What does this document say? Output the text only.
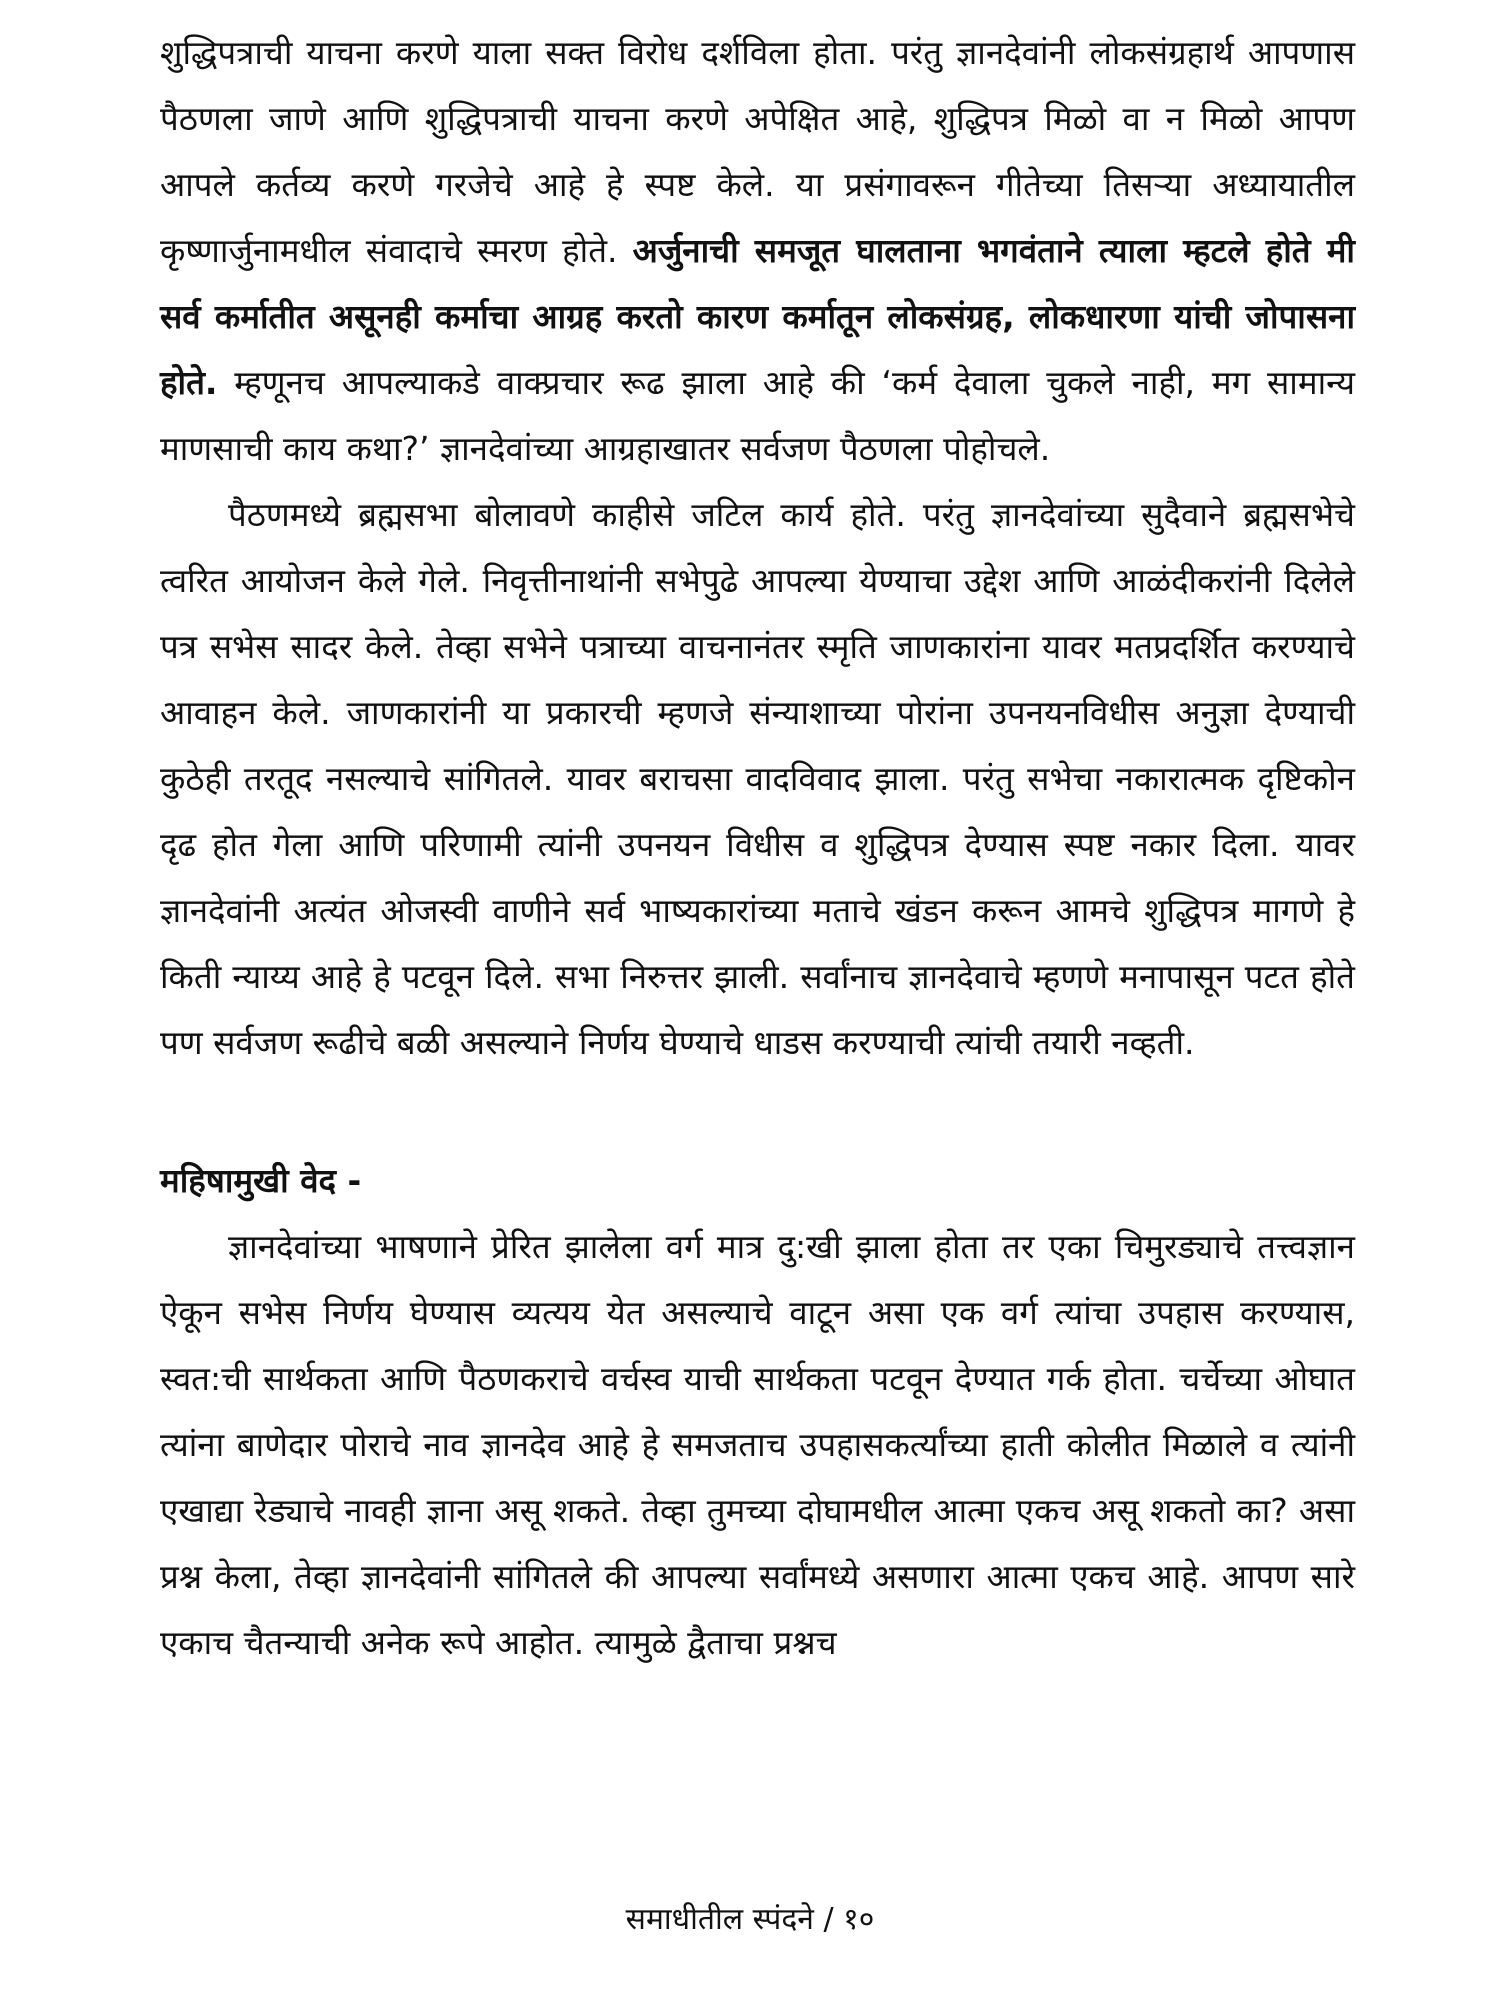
शुद्धिपत्राची याचना करणे याला सक्त विरोध दर्शविला होता. परंतु ज्ञानदेवांनी लोकसंग्रहार्थ आपणास पैठणला जाणे आणि शुद्धिपत्राची याचना करणे अपेक्षित आहे, शुद्धिपत्र मिळो वा न मिळो आपण आपले कर्तव्य करणे गरजेचे आहे हे स्पष्ट केले. या प्रसंगावरून गीतेच्या तिसऱ्या अध्यायातील कृष्णार्जुनामधील संवादाचे स्मरण होते. अर्जुनाची समजूत घालताना भगवंताने त्याला म्हटले होते मी सर्व कर्मातीत असूनही कर्माचा आग्रह करतो कारण कर्मातून लोकसंग्रह, लोकधारणा यांची जोपासना होते. म्हणूनच आपल्याकडे वाक्प्रचार रूढ झाला आहे की ‘कर्म देवाला चुकले नाही, मग सामान्य माणसाची काय कथा?’ ज्ञानदेवांच्या आग्रहाखातर सर्वजण पैठणला पोहोचले.

पैठणमध्ये ब्रह्मसभा बोलावणे काहीसे जटिल कार्य होते. परंतु ज्ञानदेवांच्या सुदैवाने ब्रह्मसभेचे त्वरित आयोजन केले गेले. निवृत्तीनाथांनी सभेपुढे आपल्या येण्याचा उद्देश आणि आळंदीकरांनी दिलेले पत्र सभेस सादर केले. तेव्हा सभेने पत्राच्या वाचनानंतर स्मृति जाणकारांना यावर मतप्रदर्शित करण्याचे आवाहन केले. जाणकारांनी या प्रकारची म्हणजे संन्याशाच्या पोरांना उपनयनविधीस अनुज्ञा देण्याची कुठेही तरतूद नसल्याचे सांगितले. यावर बराचसा वादविवाद झाला. परंतु सभेचा नकारात्मक दृष्टिकोन दृढ होत गेला आणि परिणामी त्यांनी उपनयन विधीस व शुद्धिपत्र देण्यास स्पष्ट नकार दिला. यावर ज्ञानदेवांनी अत्यंत ओजस्वी वाणीने सर्व भाष्यकारांच्या मताचे खंडन करून आमचे शुद्धिपत्र मागणे हे किती न्याय्य आहे हे पटवून दिले. सभा निरुत्तर झाली. सर्वांनाच ज्ञानदेवाचे म्हणणे मनापासून पटत होते पण सर्वजण रूढीचे बळी असल्याने निर्णय घेण्याचे धाडस करण्याची त्यांची तयारी नव्हती.

महिषामुखी वेद -

ज्ञानदेवांच्या भाषणाने प्रेरित झालेला वर्ग मात्र दु:खी झाला होता तर एका चिमुरड्याचे तत्त्वज्ञान ऐकून सभेस निर्णय घेण्यास व्यत्यय येत असल्याचे वाटून असा एक वर्ग त्यांचा उपहास करण्यास, स्वत:ची सार्थकता आणि पैठणकराचे वर्चस्व याची सार्थकता पटवून देण्यात गर्क होता. चर्चेच्या ओघात त्यांना बाणेदार पोराचे नाव ज्ञानदेव आहे हे समजताच उपहासकर्त्यांच्या हाती कोलीत मिळाले व त्यांनी एखाद्या रेड्याचे नावही ज्ञाना असू शकते. तेव्हा तुमच्या दोघामधील आत्मा एकच असू शकतो का? असा प्रश्न केला, तेव्हा ज्ञानदेवांनी सांगितले की आपल्या सर्वांमध्ये असणारा आत्मा एकच आहे. आपण सारे एकाच चैतन्याची अनेक रूपे आहोत. त्यामुळे द्वैताचा प्रश्नच

समाधीतील स्पंदने / १०
